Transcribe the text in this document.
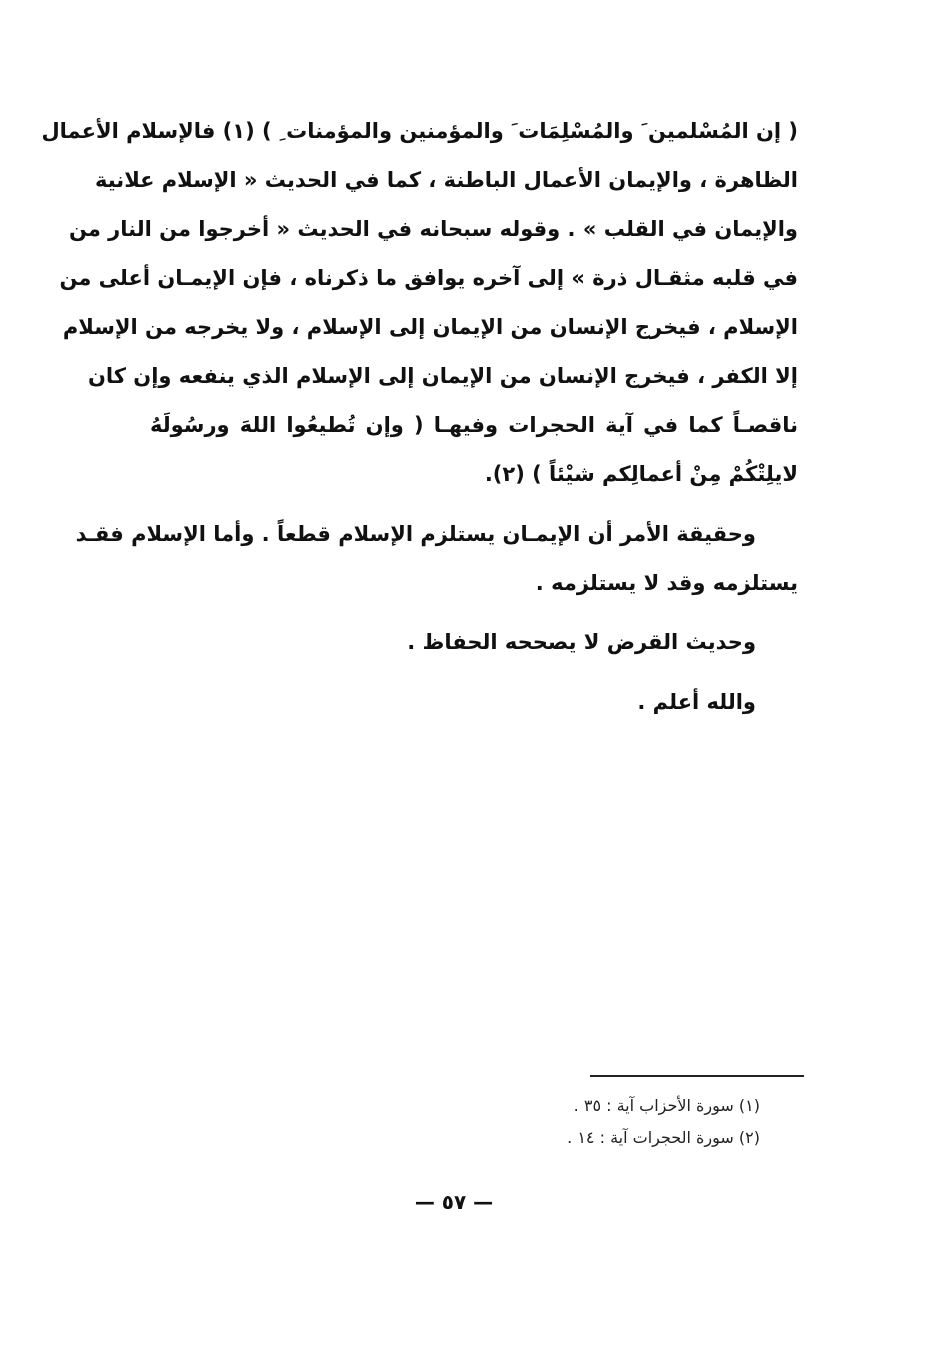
( إن المُسْلمين َ والمُسْلِمَات َ والمؤمنين والمؤمنات ِ ) (١) فالإسلام الأعمال
الظاهرة ، والإيمان الأعمال الباطنة ، كما في الحديث « الإسلام علانية
والإيمان في القلب » . وقوله سبحانه في الحديث « أخرجوا من النار من
في قلبه مثقـال ذرة » إلى آخره يوافق ما ذكرناه ، فإن الإيمـان أعلى من
الإسلام ، فيخرج الإنسان من الإيمان إلى الإسلام ، ولا يخرجه من الإسلام
إلا الكفر ، فيخرج الإنسان من الإيمان إلى الإسلام الذي ينفعه وإن كان
ناقصـاً كما في آية الحجرات وفيهـا ( وإن تُطيعُوا اللهَ ورسُولَهُ
لايلِتْكُمْ مِنْ أعمالِكم شيْئاً ) (٢).
وحقيقة الأمر أن الإيمـان يستلزم الإسلام قطعاً . وأما الإسلام فقـد
يستلزمه وقد لا يستلزمه .
وحديث القرض لا يصححه الحفاظ .
والله أعلم .
(١) سورة الأحزاب آية : ٣٥ .
(٢) سورة الحجرات آية : ١٤ .
— ٥٧ —
